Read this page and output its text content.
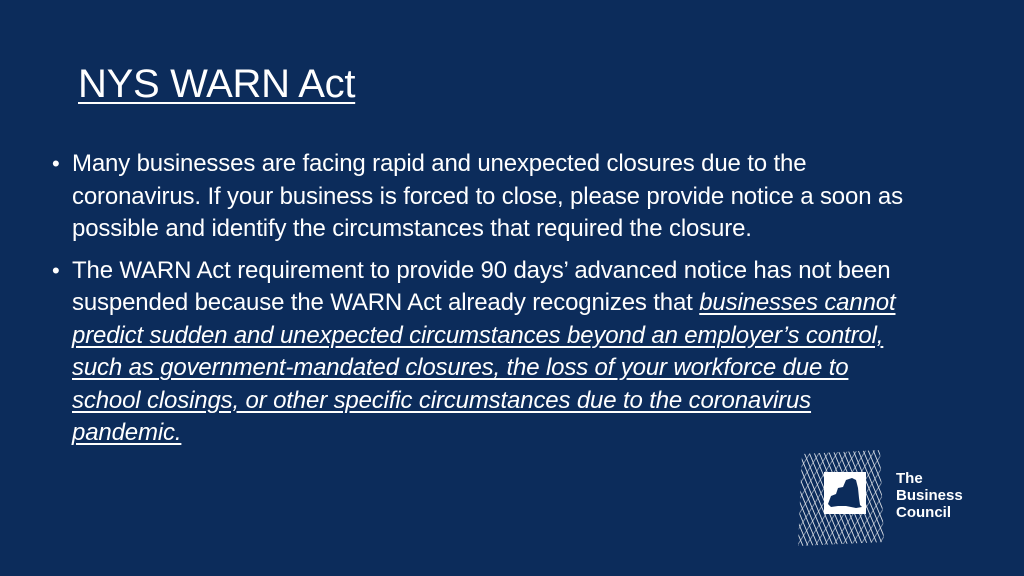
NYS WARN Act
• Many businesses are facing rapid and unexpected closures due to the coronavirus. If your business is forced to close, please provide notice a soon as possible and identify the circumstances that required the closure.
• The WARN Act requirement to provide 90 days’ advanced notice has not been suspended because the WARN Act already recognizes that businesses cannot predict sudden and unexpected circumstances beyond an employer’s control, such as government-mandated closures, the loss of your workforce due to school closings, or other specific circumstances due to the coronavirus pandemic.
The
Business
Council
